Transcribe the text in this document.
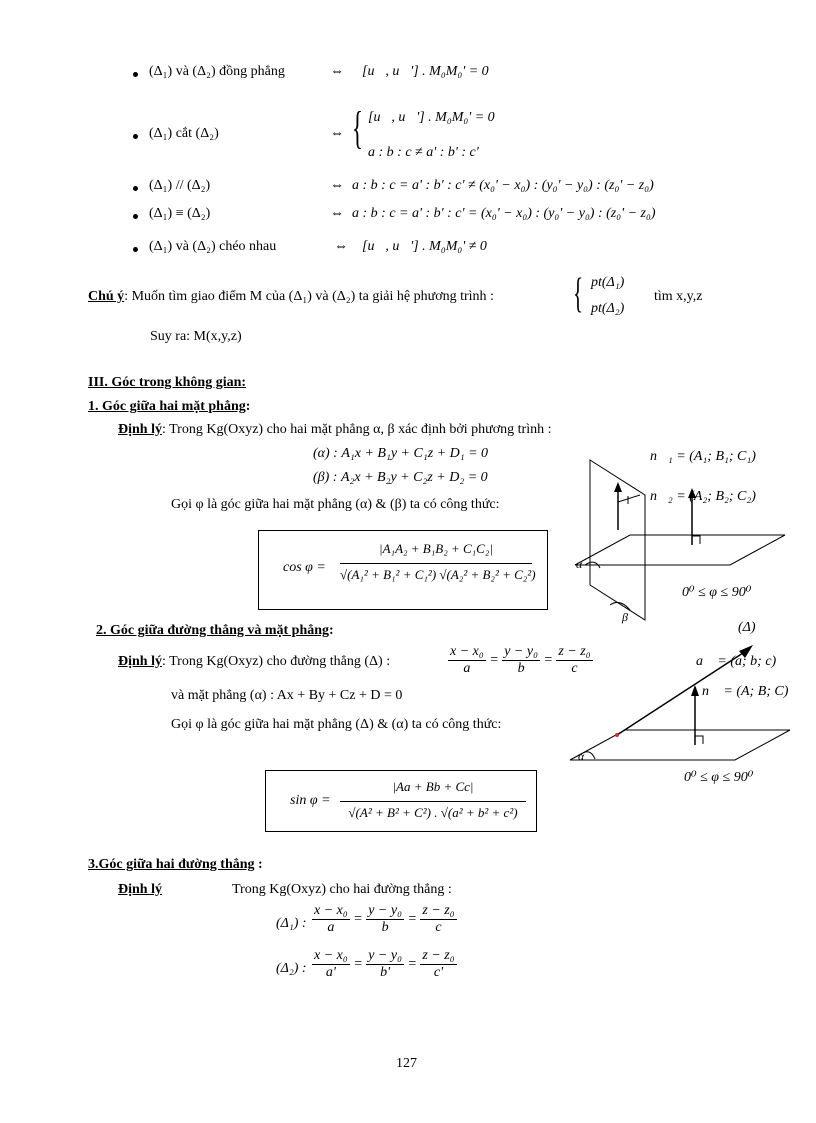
(Δ₁) và (Δ₂) đồng phẳng	⇔ [u⃗, u⃗'] . M₀M₀' = 0
(Δ₁) cắt (Δ₂)	⇔ { [u⃗, u⃗'] . M₀M₀' = 0
a : b : c ≠ a' : b' : c'
(Δ₁) // (Δ₂)	⇔ a : b : c = a' : b' : c' ≠ (x₀' − x₀) : (y₀' − y₀) : (z₀' − z₀)
(Δ₁) ≡ (Δ₂)	⇔ a : b : c = a' : b' : c' = (x₀' − x₀) : (y₀' − y₀) : (z₀' − z₀)
(Δ₁) và (Δ₂) chéo nhau	⇔ [u⃗, u⃗'] . M₀M₀' ≠ 0
Chú ý: Muốn tìm giao điểm M của (Δ₁) và (Δ₂) ta giải hệ phương trình : { pt(Δ₁)
pt(Δ₂)
tìm x,y,z
Suy ra: M(x,y,z)
III. Góc trong không gian:
1. Góc giữa hai mặt phẳng:
Định lý: Trong Kg(Oxyz) cho hai mặt phẳng α, β xác định bởi phương trình :
(α) : A₁x + B₁y + C₁z + D₁ = 0
(β) : A₂x + B₂y + C₂z + D₂ = 0
Gọi φ là góc giữa hai mặt phẳng (α) & (β) ta có công thức:
cos φ =
|A₁A₂ + B₁B₂ + C₁C₂|
√(A₁² + B₁² + C₁²) √(A₂² + B₂² + C₂²)
α
β
n⃗₁ = (A₁; B₁; C₁)
n⃗₂ = (A₂; B₂; C₂)
0⁰ ≤ φ ≤ 90⁰
2. Góc giữa đường thẳng và mặt phẳng:	(Δ)
Định lý: Trong Kg(Oxyz) cho đường thẳng (Δ) :	$\frac{\text{x − x₀}}{a} = \frac{\text{y − y₀}}{b} = \frac{\text{z − z₀}}{c}$
và mặt phẳng (α) : Ax + By + Cz + D = 0
Gọi φ là góc giữa hai mặt phẳng (Δ) & (α) ta có công thức:
sin φ =
|Aa + Bb + Cc|
√(A² + B² + C²) . √(a² + b² + c²)
a⃗ = (a; b; c)
n⃗ = (A; B; C)
α
0⁰ ≤ φ ≤ 90⁰
3.Góc giữa hai đường thẳng :
Định lý	Trong Kg(Oxyz) cho hai đường thẳng :
(Δ₁) : $\frac{\text{x − x₀}}{a} = \frac{\text{y − y₀}}{b} = \frac{\text{z − z₀}}{c}$
(Δ₂) : $\frac{\text{x − x₀}}{a'} = \frac{\text{y − y₀}}{b'} = \frac{\text{z − z₀}}{c'}$
127
